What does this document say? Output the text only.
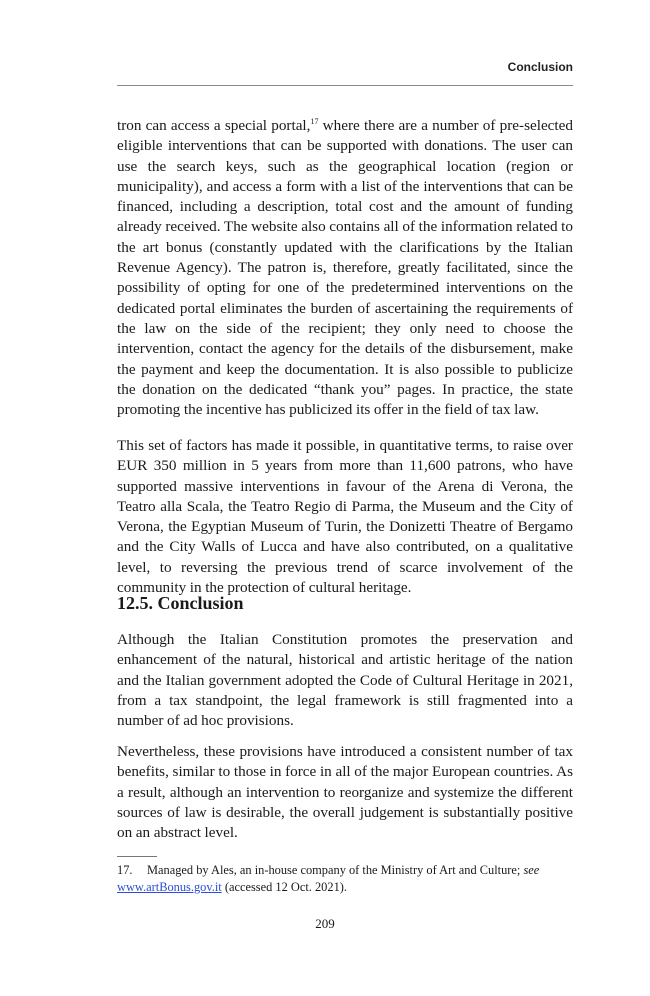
Conclusion

tron can access a special portal,$^{17}$ where there are a number of pre-selected eligible interventions that can be supported with donations. The user can use the search keys, such as the geographical location (region or municipality), and access a form with a list of the interventions that can be financed, including a description, total cost and the amount of funding already received. The website also contains all of the information related to the art bonus (constantly updated with the clarifications by the Italian Revenue Agency). The patron is, therefore, greatly facilitated, since the possibility of opting for one of the predetermined interventions on the dedicated portal eliminates the burden of ascertaining the requirements of the law on the side of the recipient; they only need to choose the intervention, contact the agency for the details of the disbursement, make the payment and keep the documentation. It is also possible to publicize the donation on the dedicated “thank you” pages. In practice, the state promoting the incentive has publicized its offer in the field of tax law.

This set of factors has made it possible, in quantitative terms, to raise over EUR 350 million in 5 years from more than 11,600 patrons, who have supported massive interventions in favour of the Arena di Verona, the Teatro alla Scala, the Teatro Regio di Parma, the Museum and the City of Verona, the Egyptian Museum of Turin, the Donizetti Theatre of Bergamo and the City Walls of Lucca and have also contributed, on a qualitative level, to reversing the previous trend of scarce involvement of the community in the protection of cultural heritage.

12.5. Conclusion

Although the Italian Constitution promotes the preservation and enhancement of the natural, historical and artistic heritage of the nation and the Italian government adopted the Code of Cultural Heritage in 2021, from a tax standpoint, the legal framework is still fragmented into a number of ad hoc provisions.

Nevertheless, these provisions have introduced a consistent number of tax benefits, similar to those in force in all of the major European countries. As a result, although an intervention to reorganize and systemize the different sources of law is desirable, the overall judgement is substantially positive on an abstract level.

17. Managed by Ales, an in-house company of the Ministry of Art and Culture; see
www.artBonus.gov.it (accessed 12 Oct. 2021).
209
